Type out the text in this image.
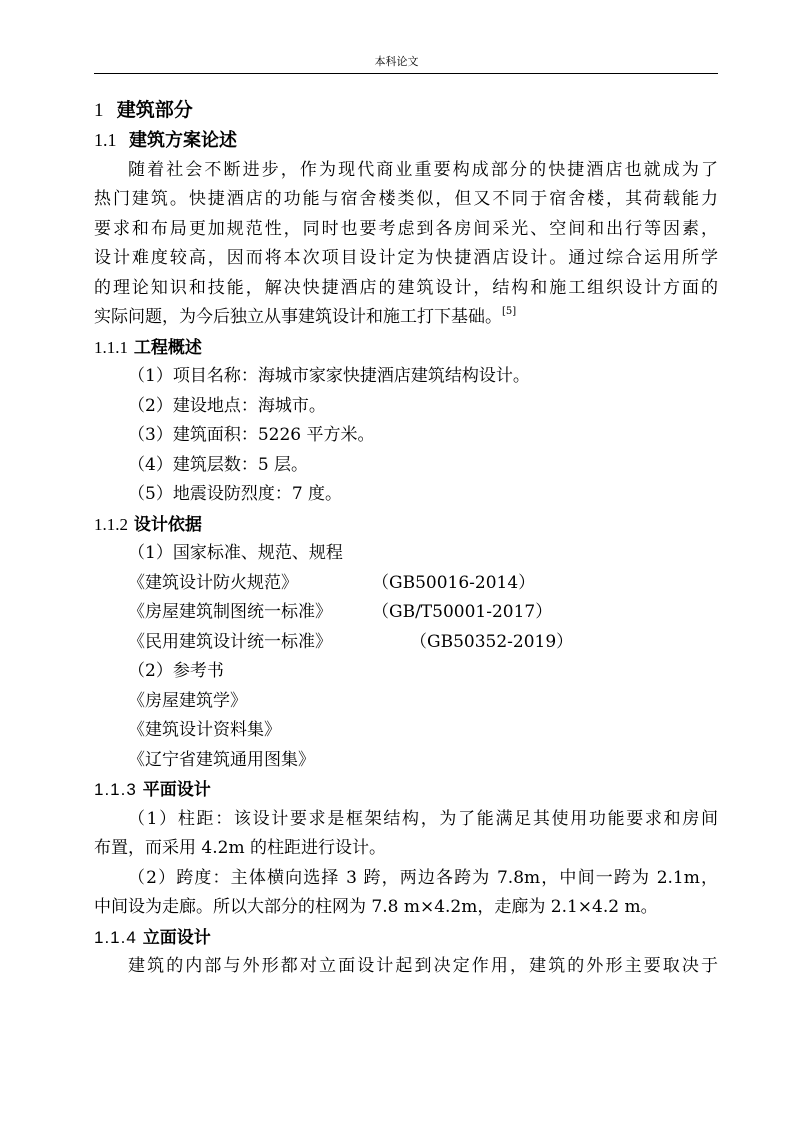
本科论文
1 建筑部分
1.1 建筑方案论述
随着社会不断进步，作为现代商业重要构成部分的快捷酒店也就成为了
热门建筑。快捷酒店的功能与宿舍楼类似，但又不同于宿舍楼，其荷载能力
要求和布局更加规范性，同时也要考虑到各房间采光、空间和出行等因素，
设计难度较高，因而将本次项目设计定为快捷酒店设计。通过综合运用所学
的理论知识和技能，解决快捷酒店的建筑设计，结构和施工组织设计方面的
实际问题，为今后独立从事建筑设计和施工打下基础。[5]
1.1.1 工程概述
（1）项目名称：海城市家家快捷酒店建筑结构设计。
（2）建设地点：海城市。
（3）建筑面积：5226 平方米。
（4）建筑层数：5 层。
（5）地震设防烈度：7 度。
1.1.2 设计依据
（1）国家标准、规范、规程
《建筑设计防火规范》	（GB50016-2014）
《房屋建筑制图统一标准》 （GB/T50001-2017）
《民用建筑设计统一标准》	（GB50352-2019）
（2）参考书
《房屋建筑学》
《建筑设计资料集》
《辽宁省建筑通用图集》
1.1.3 平面设计
（1）柱距：该设计要求是框架结构，为了能满足其使用功能要求和房间
布置，而采用 4.2m 的柱距进行设计。
（2）跨度：主体横向选择 3 跨，两边各跨为 7.8m，中间一跨为 2.1m，
中间设为走廊。所以大部分的柱网为 7.8 m×4.2m，走廊为 2.1×4.2 m。
1.1.4 立面设计
建筑的内部与外形都对立面设计起到决定作用，建筑的外形主要取决于
